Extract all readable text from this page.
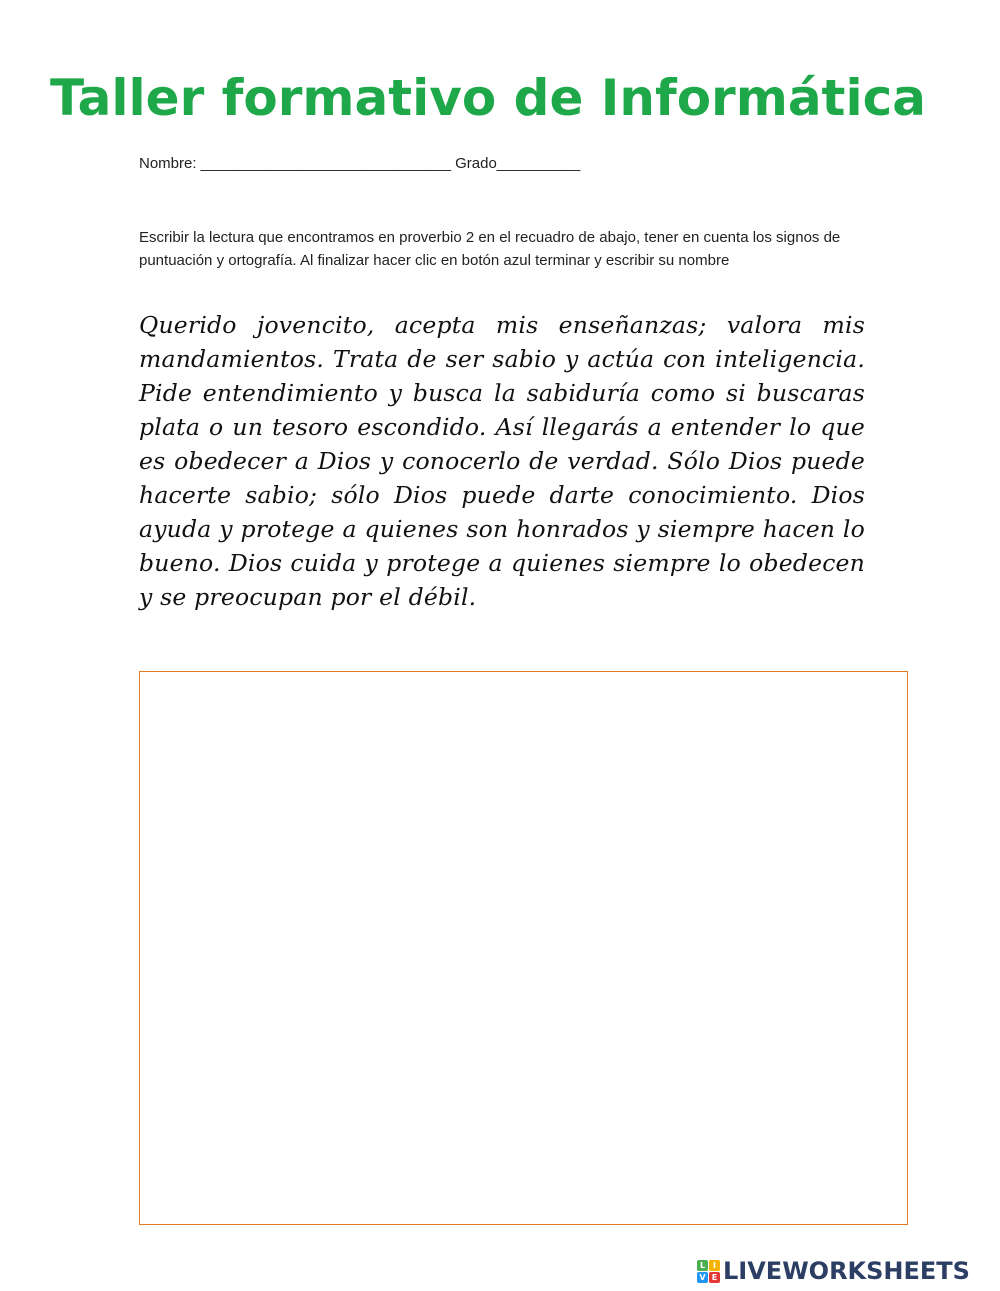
Taller formativo de Informática
Nombre: ______________________________ Grado__________
Escribir la lectura que encontramos en proverbio 2 en el recuadro de abajo, tener en cuenta los signos de puntuación y ortografía. Al finalizar hacer clic en botón azul terminar y escribir su nombre
Querido jovencito, acepta mis enseñanzas; valora mis mandamientos. Trata de ser sabio y actúa con inteligencia. Pide entendimiento y busca la sabiduría como si buscaras plata o un tesoro escondido. Así llegarás a entender lo que es obedecer a Dios y conocerlo de verdad. Sólo Dios puede hacerte sabio; sólo Dios puede darte conocimiento. Dios ayuda y protege a quienes son honrados y siempre hacen lo bueno. Dios cuida y protege a quienes siempre lo obedecen y se preocupan por el débil.
L I
V E LIVEWORKSHEETS
